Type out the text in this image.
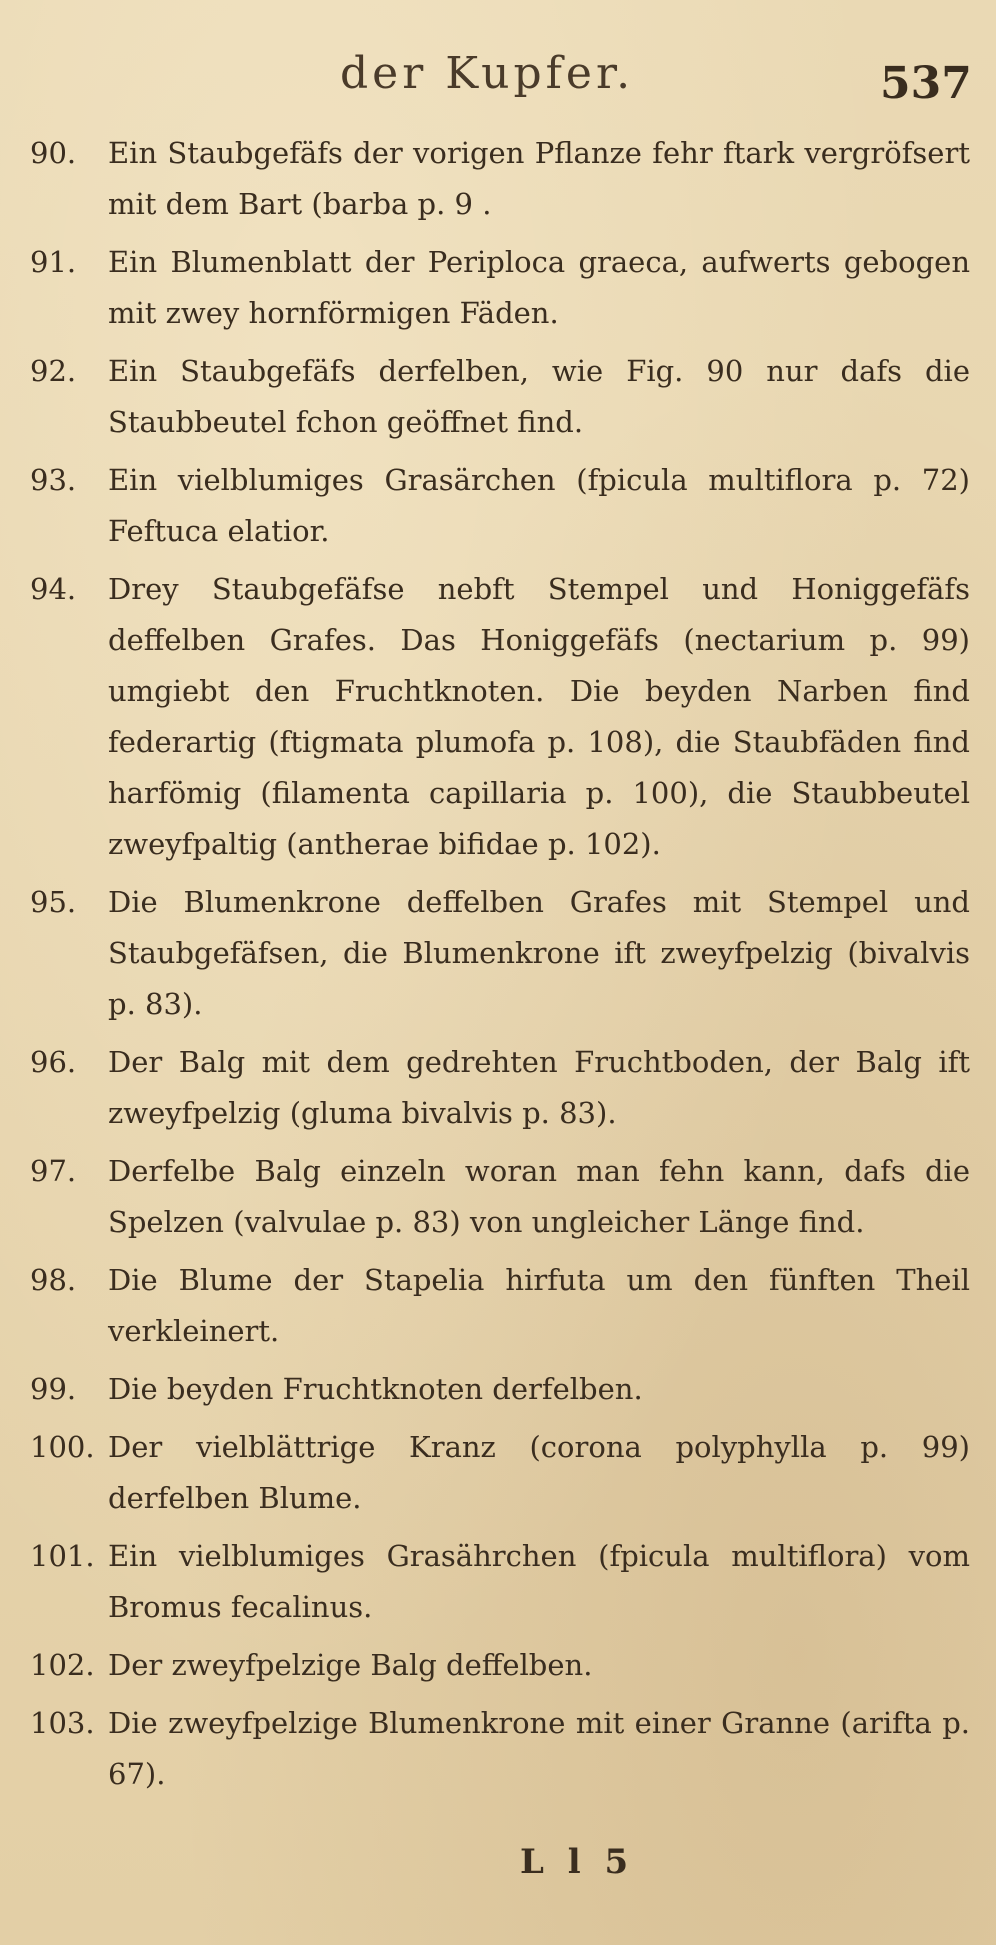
der Kupfer.	537
90.	Ein Staubgefäfs der vorigen Pflanze fehr ftark vergröfsert mit dem Bart (barba p. 9 .
91.	Ein Blumenblatt der Periploca graeca, aufwerts gebogen mit zwey hornförmigen Fäden.
92.	Ein Staubgefäfs derfelben, wie Fig. 90 nur dafs die Staubbeutel fchon geöffnet find.
93.	Ein vielblumiges Grasärchen (fpicula multiflora p. 72) Feftuca elatior.
94.	Drey Staubgefäfse nebft Stempel und Honiggefäfs deffelben Grafes. Das Honiggefäfs (nectarium p. 99) umgiebt den Fruchtknoten. Die beyden Narben find federartig (ftigmata plumofa p. 108), die Staubfäden find harfömig (filamenta capillaria p. 100), die Staubbeutel zweyfpaltig (antherae bifidae p. 102).
95.	Die Blumenkrone deffelben Grafes mit Stempel und Staubgefäfsen, die Blumenkrone ift zweyfpelzig (bivalvis p. 83).
96.	Der Balg mit dem gedrehten Fruchtboden, der Balg ift zweyfpelzig (gluma bivalvis p. 83).
97.	Derfelbe Balg einzeln woran man fehn kann, dafs die Spelzen (valvulae p. 83) von ungleicher Länge find.
98.	Die Blume der Stapelia hirfuta um den fünften Theil verkleinert.
99.	Die beyden Fruchtknoten derfelben.
100. Der vielblättrige Kranz (corona polyphylla p. 99) derfelben Blume.
101. Ein vielblumiges Grasährchen (fpicula multiflora) vom Bromus fecalinus.
102. Der zweyfpelzige Balg deffelben.
103. Die zweyfpelzige Blumenkrone mit einer Granne (arifta p. 67).
L l 5
